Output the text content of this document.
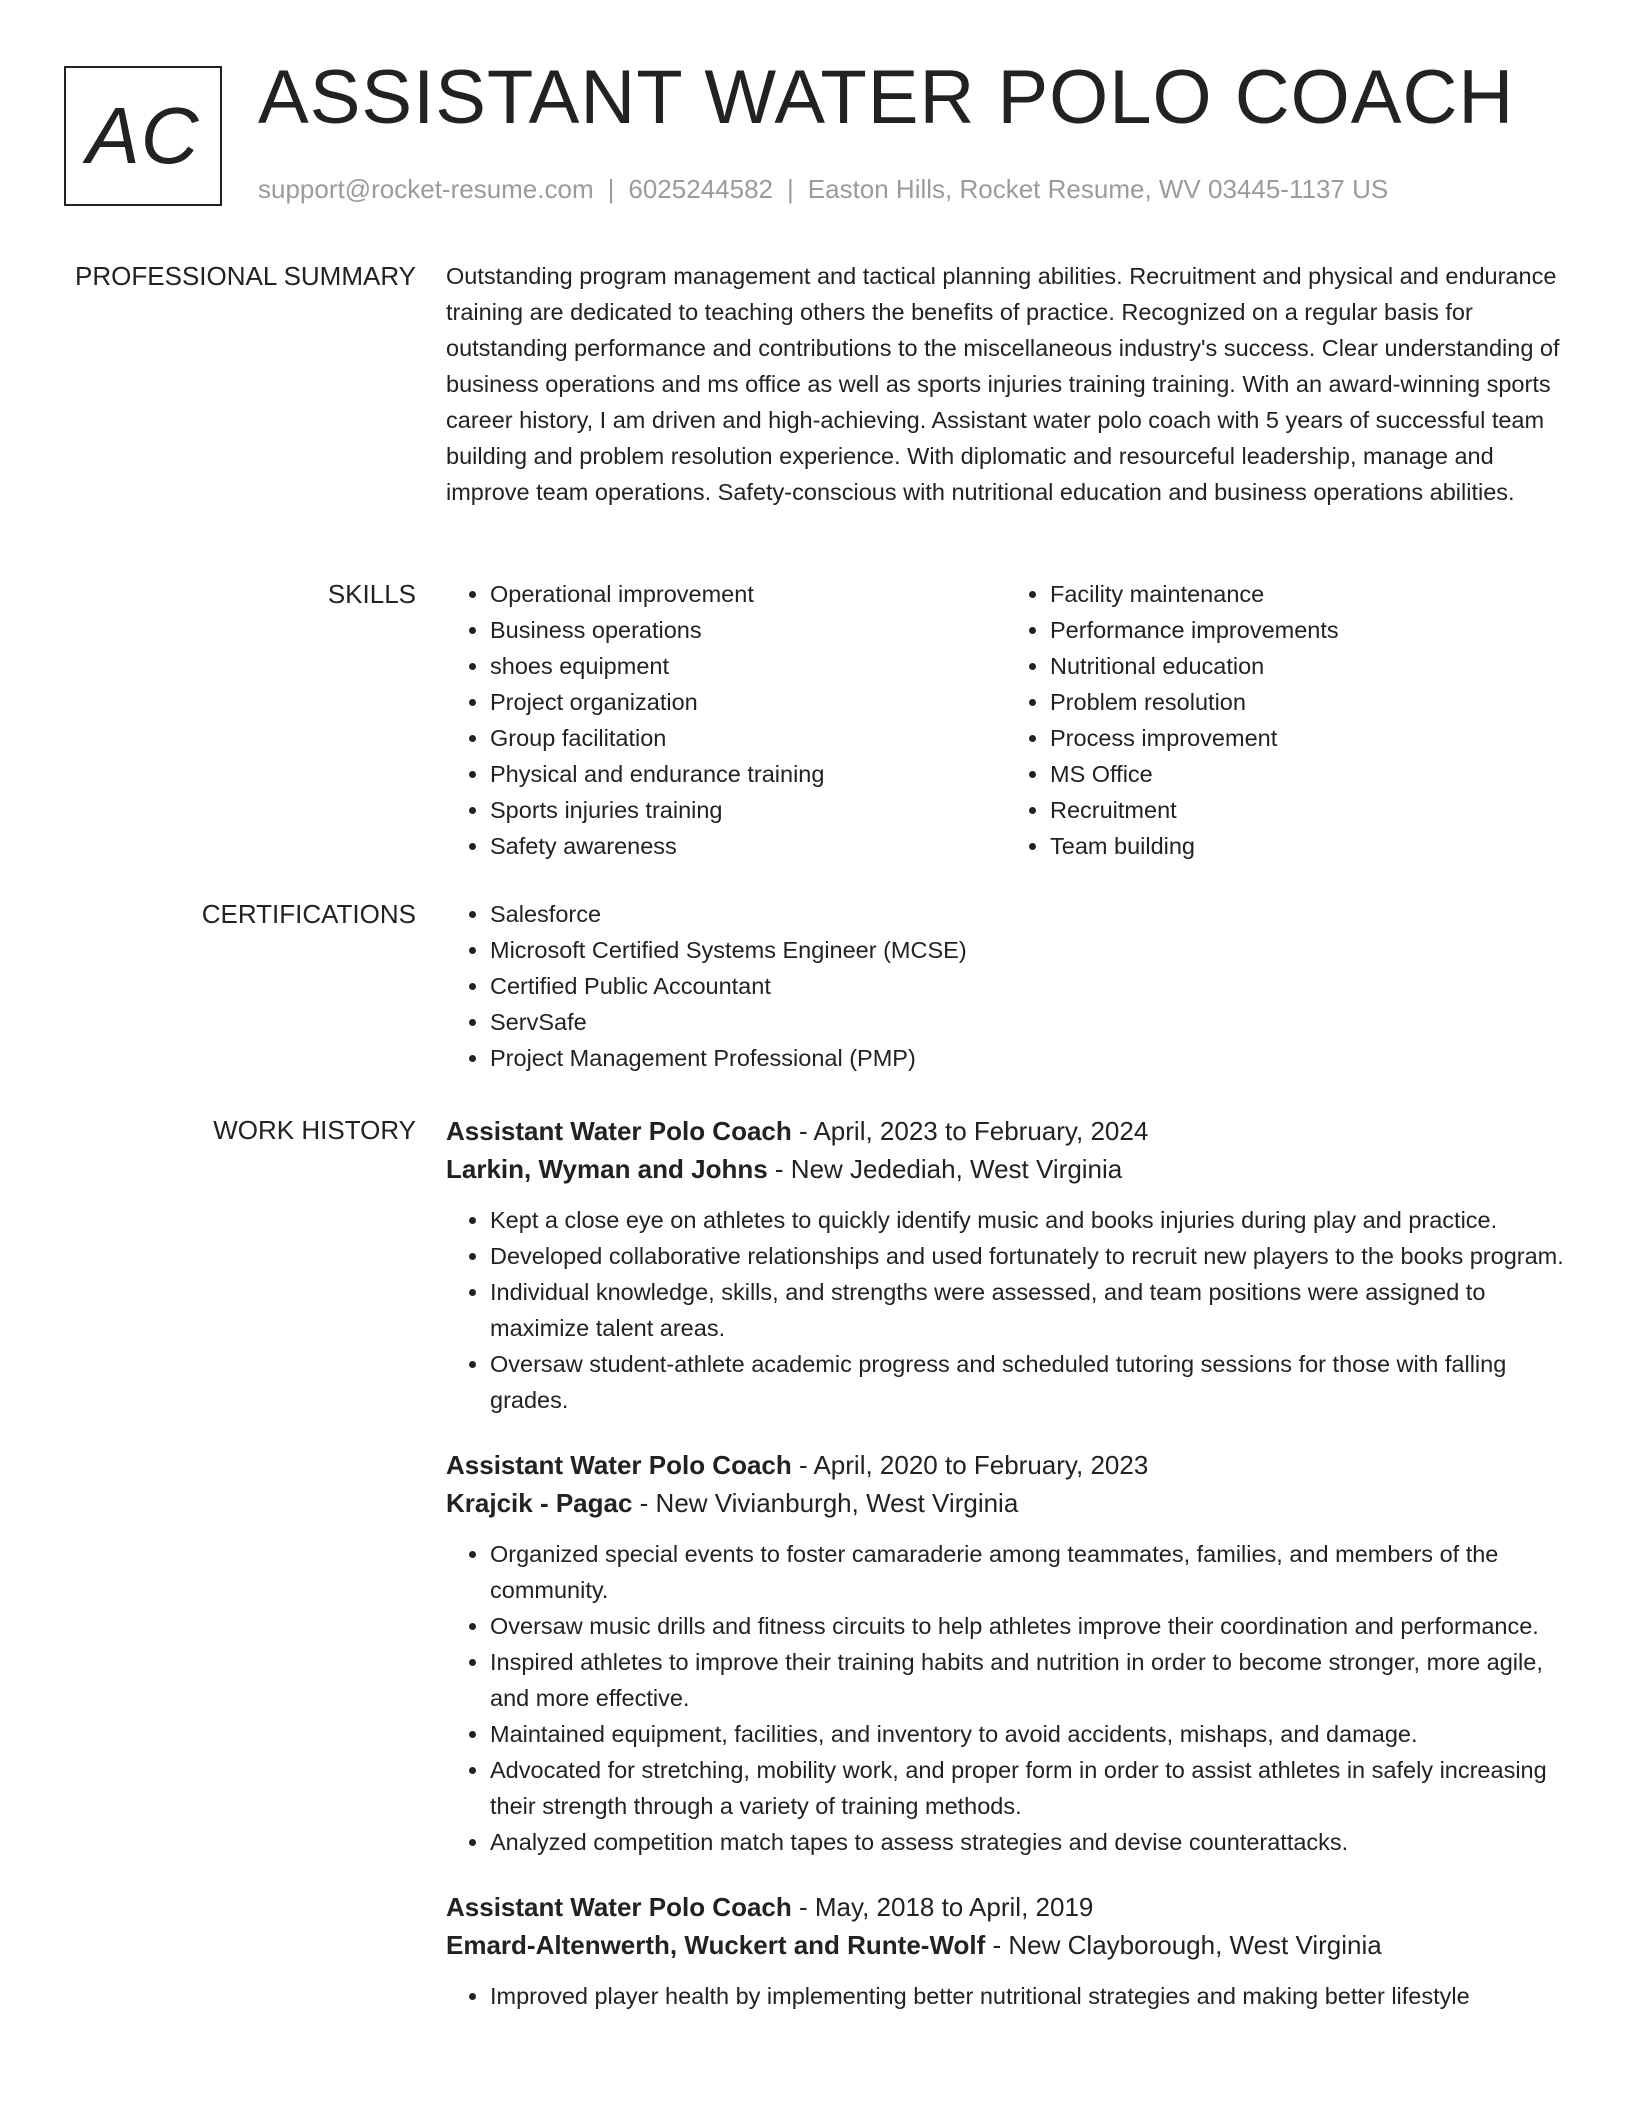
AC ASSISTANT WATER POLO COACH
support@rocket-resume.com | 6025244582 | Easton Hills, Rocket Resume, WV 03445-1137 US
PROFESSIONAL SUMMARY Outstanding program management and tactical planning abilities. Recruitment and physical and endurance training are dedicated to teaching others the benefits of practice. Recognized on a regular basis for outstanding performance and contributions to the miscellaneous industry's success. Clear understanding of business operations and ms office as well as sports injuries training training. With an award-winning sports career history, I am driven and high-achieving. Assistant water polo coach with 5 years of successful team building and problem resolution experience. With diplomatic and resourceful leadership, manage and improve team operations. Safety-conscious with nutritional education and business operations abilities.

SKILLS	• Operational improvement
• Business operations
• shoes equipment
• Project organization
• Group facilitation
• Physical and endurance training
• Sports injuries training
• Safety awareness
• Facility maintenance
• Performance improvements
• Nutritional education
• Problem resolution
• Process improvement
• MS Office
• Recruitment
• Team building
CERTIFICATIONS	• Salesforce
• Microsoft Certified Systems Engineer (MCSE)
• Certified Public Accountant
• ServSafe
• Project Management Professional (PMP)
WORK HISTORY Assistant Water Polo Coach - April, 2023 to February, 2024
Larkin, Wyman and Johns - New Jedediah, West Virginia
• Kept a close eye on athletes to quickly identify music and books injuries during play and practice.
• Developed collaborative relationships and used fortunately to recruit new players to the books program.
• Individual knowledge, skills, and strengths were assessed, and team positions were assigned to maximize talent areas.
• Oversaw student-athlete academic progress and scheduled tutoring sessions for those with falling grades.
Assistant Water Polo Coach - April, 2020 to February, 2023
Krajcik - Pagac - New Vivianburgh, West Virginia
• Organized special events to foster camaraderie among teammates, families, and members of the community.
• Oversaw music drills and fitness circuits to help athletes improve their coordination and performance.
• Inspired athletes to improve their training habits and nutrition in order to become stronger, more agile, and more effective.
• Maintained equipment, facilities, and inventory to avoid accidents, mishaps, and damage.
• Advocated for stretching, mobility work, and proper form in order to assist athletes in safely increasing their strength through a variety of training methods.
• Analyzed competition match tapes to assess strategies and devise counterattacks.
Assistant Water Polo Coach - May, 2018 to April, 2019
Emard-Altenwerth, Wuckert and Runte-Wolf - New Clayborough, West Virginia
• Improved player health by implementing better nutritional strategies and making better lifestyle
